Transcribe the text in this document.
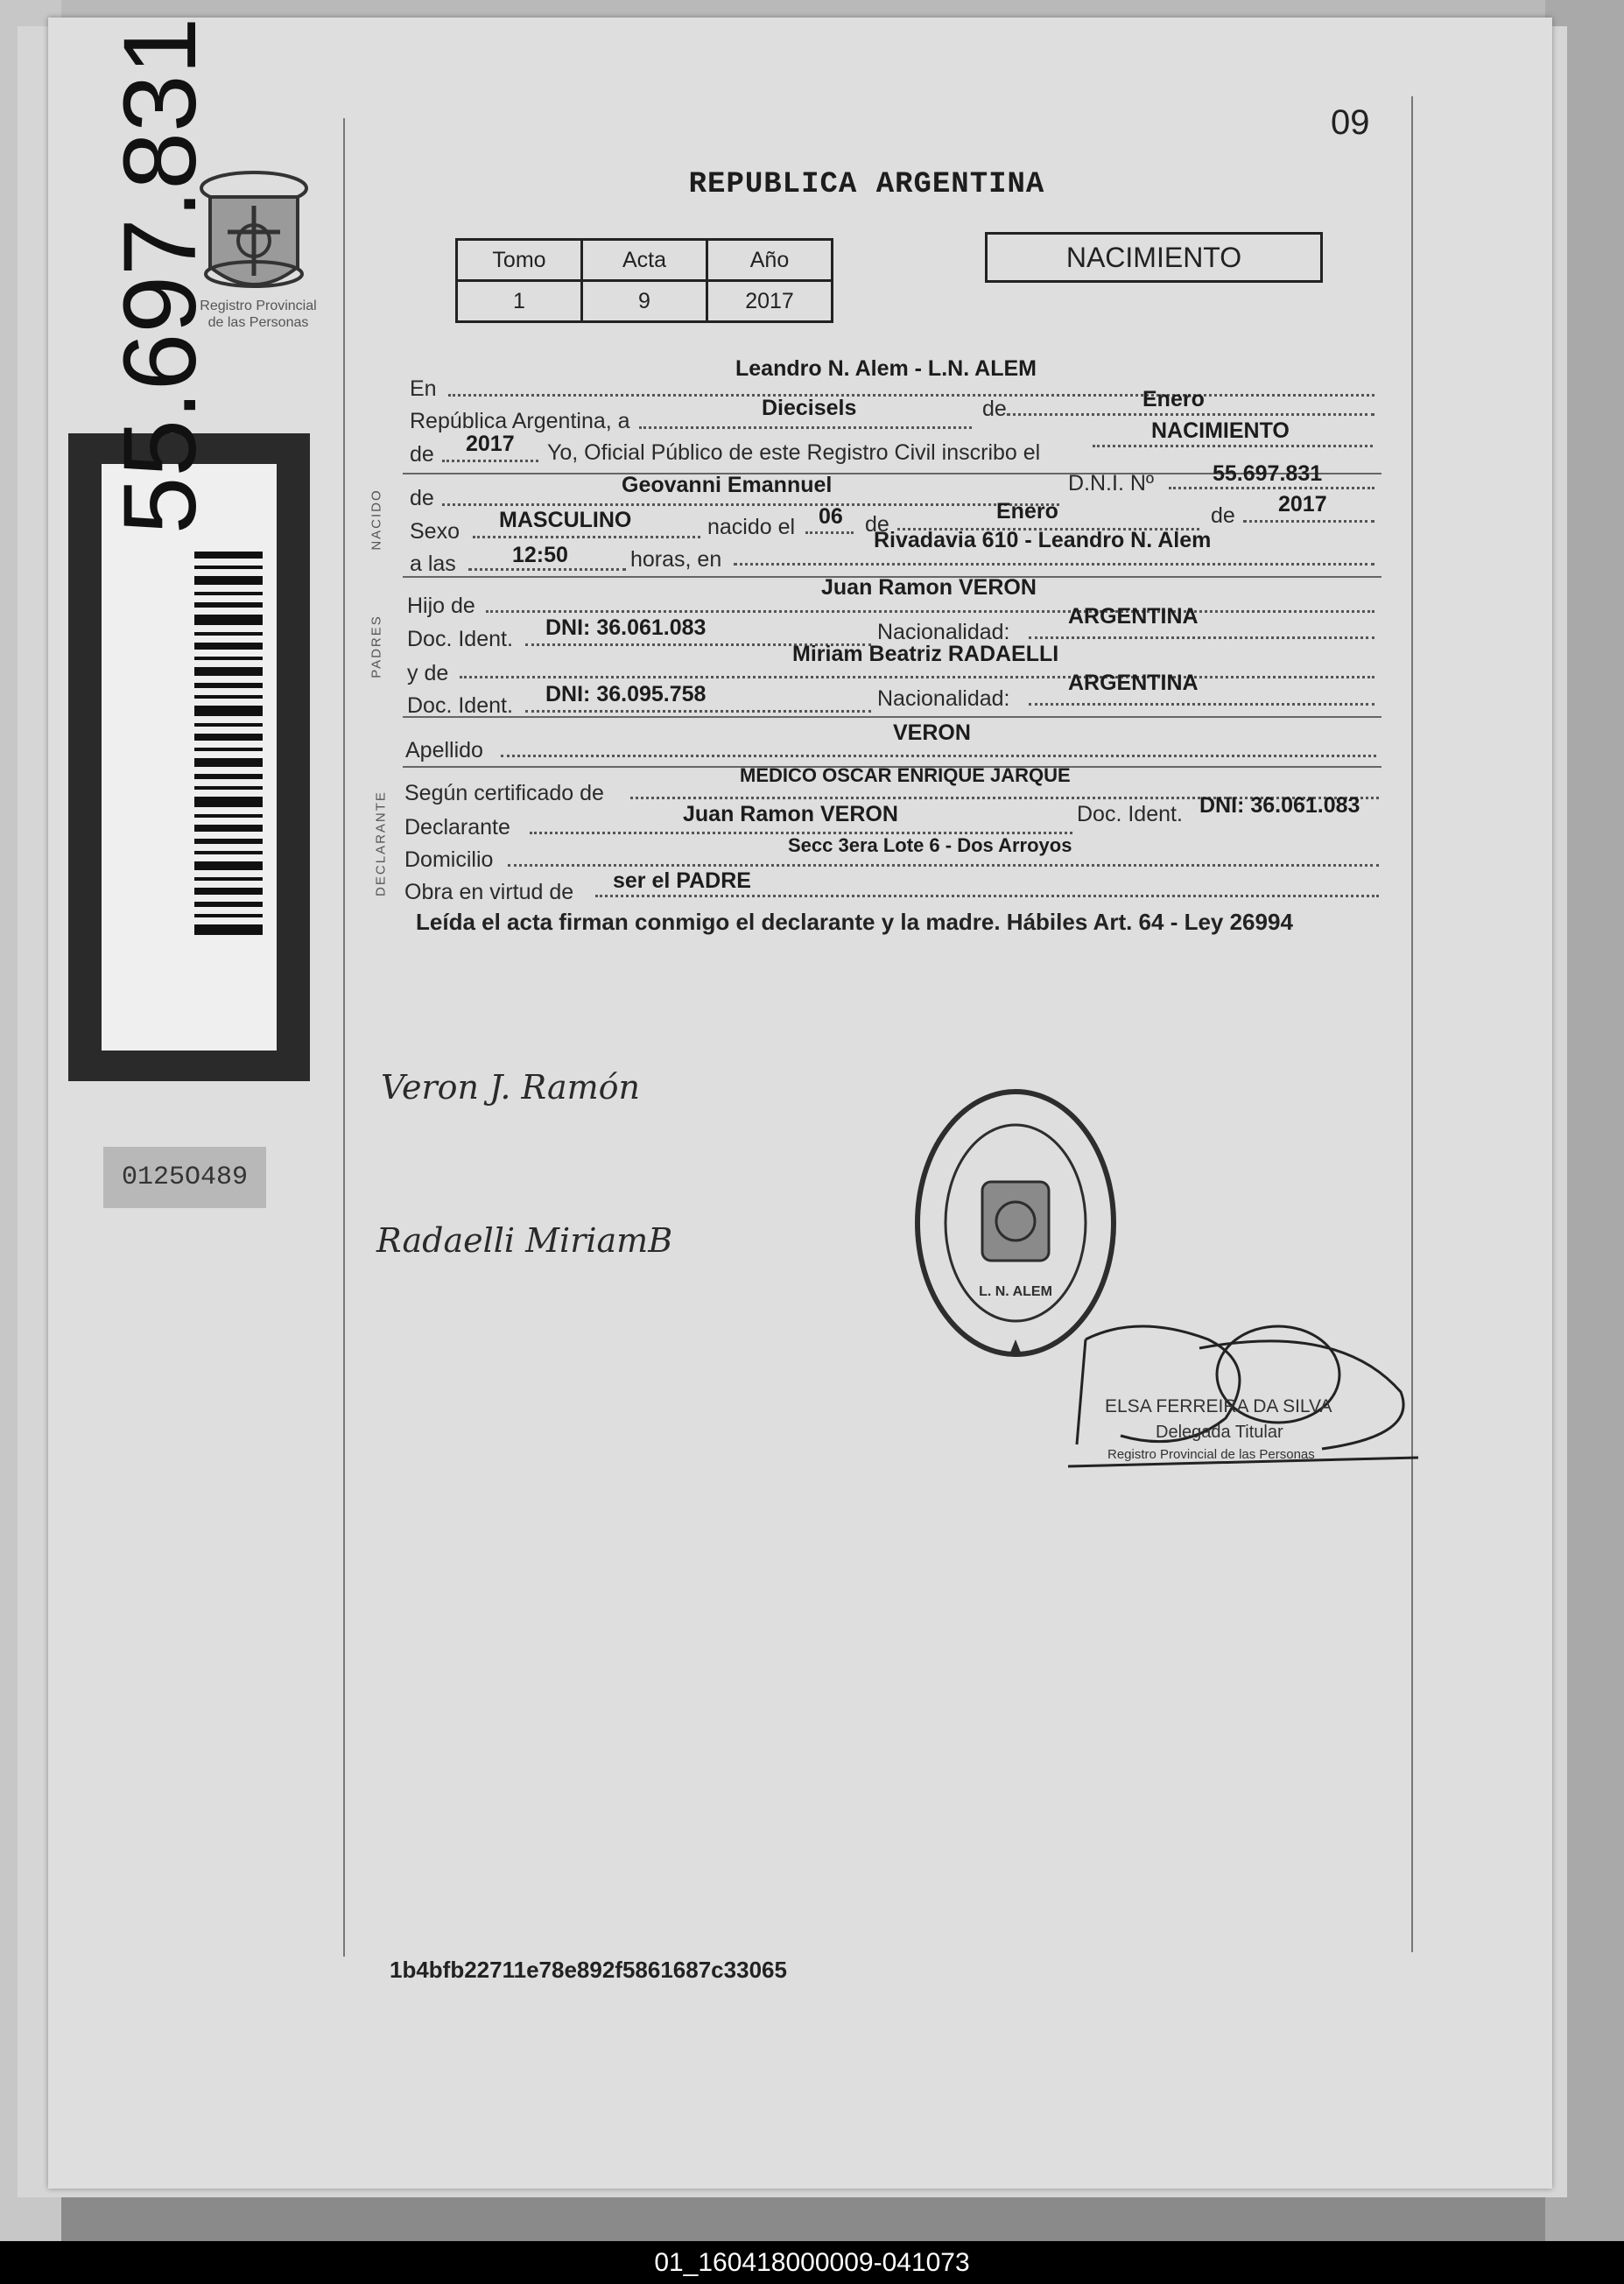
09
Registro Provincial
de las Personas
REPUBLICA ARGENTINA
Tomo	Acta	Año
1	9	2017
NACIMIENTO
En
Leandro N. Alem - L.N. ALEM
República Argentina, a
Diecisels	de	Enero
de 2017 Yo, Oficial Público de este Registro Civil inscribo el
NACIMIENTO
NACIDO de
Geovanni Emannuel	D.N.I. Nº	55.697.831
Sexo MASCULINO	nacido el 06 de
Enero	de 2017
a las	12:50	horas, en
Rivadavia 610 - Leandro N. Alem
PADRES
Hijo de
Juan Ramon VERON
Doc. Ident. DNI: 36.061.083	Nacionalidad:
ARGENTINA
y de
Miriam Beatriz RADAELLI
Doc. Ident. DNI: 36.095.758	Nacionalidad:
ARGENTINA
Apellido
VERON
DECLARANTE Según certificado de
MEDICO OSCAR ENRIQUE JARQUE
Declarante
Juan Ramon VERON	Doc. Ident. DNI: 36.061.083
Domicilio
Secc 3era Lote 6 - Dos Arroyos
Obra en virtud de ser el PADRE
Leída el acta firman conmigo el declarante y la madre. Hábiles Art. 64 - Ley 26994
55.697.831
0125O489
Veron J. Ramón
Radaelli MiriamB
L. N. ALEM
ELSA FERREIRA DA SILVA
Delegada Titular
Registro Provincial de las Personas
1b4bfb22711e78e892f5861687c33065
01_160418000009-041073
